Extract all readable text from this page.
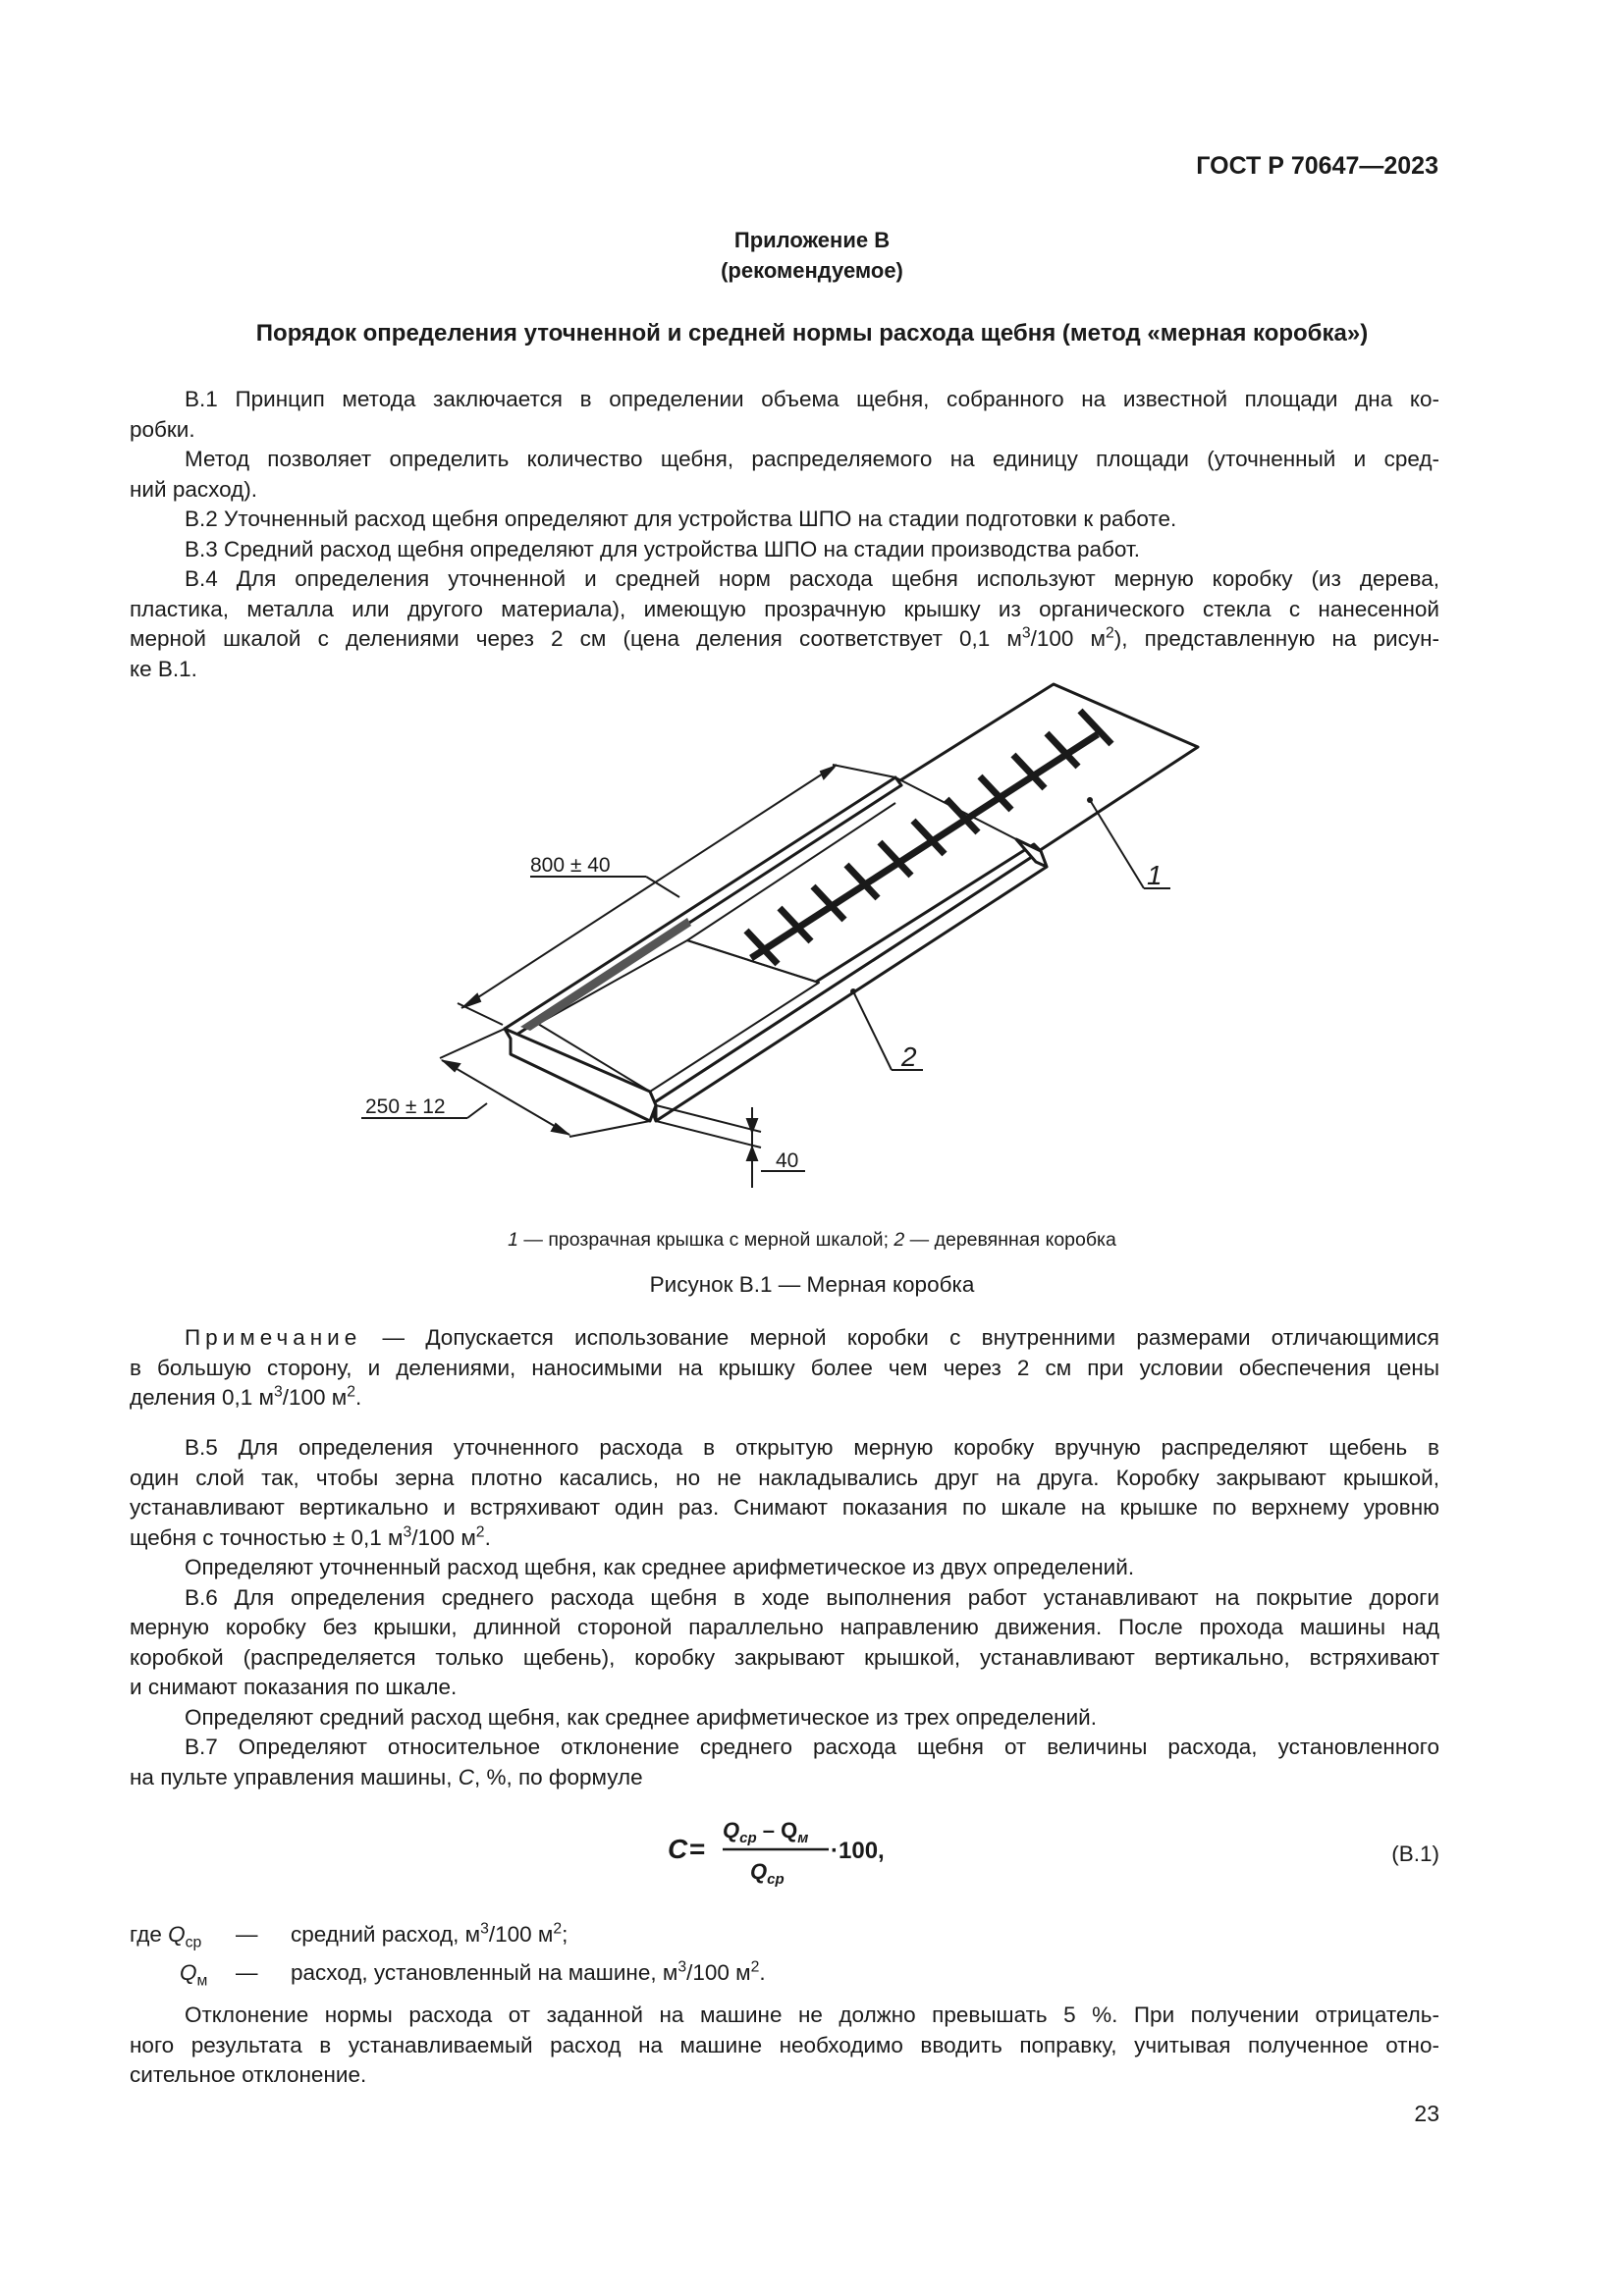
ГОСТ Р 70647—2023
Приложение В
(рекомендуемое)
Порядок определения уточненной и средней нормы расхода щебня (метод «мерная коробка»)
В.1 Принцип метода заключается в определении объема щебня, собранного на известной площади дна ко-
робки.
Метод позволяет определить количество щебня, распределяемого на единицу площади (уточненный и сред-
ний расход).
В.2 Уточненный расход щебня определяют для устройства ШПО на стадии подготовки к работе.
В.3 Средний расход щебня определяют для устройства ШПО на стадии производства работ.
В.4 Для определения уточненной и средней норм расхода щебня используют мерную коробку (из дерева,
пластика, металла или другого материала), имеющую прозрачную крышку из органического стекла с нанесенной
мерной шкалой с делениями через 2 см (цена деления соответствует 0,1 $м^3/100$ $м^2$), представленную на рисун-
ке В.1.
800 ± 40
250 ± 12
40
1
2
1 — прозрачная крышка с мерной шкалой; 2 — деревянная коробка
Рисунок В.1 — Мерная коробка
Примечание — Допускается использование мерной коробки с внутренними размерами отличающимися
в большую сторону, и делениями, наносимыми на крышку более чем через 2 см при условии обеспечения цены
деления 0,1 $м^3/100$ $м^2$.
В.5 Для определения уточненного расхода в открытую мерную коробку вручную распределяют щебень в
один слой так, чтобы зерна плотно касались, но не накладывались друг на друга. Коробку закрывают крышкой,
устанавливают вертикально и встряхивают один раз. Снимают показания по шкале на крышке по верхнему уровню
щебня с точностью ± 0,1 $м^3/100$ $м^2$.
Определяют уточненный расход щебня, как среднее арифметическое из двух определений.
В.6 Для определения среднего расхода щебня в ходе выполнения работ устанавливают на покрытие дороги
мерную коробку без крышки, длинной стороной параллельно направлению движения. После прохода машины над
коробкой (распределяется только щебень), коробку закрывают крышкой, устанавливают вертикально, встряхивают
и снимают показания по шкале.
Определяют средний расход щебня, как среднее арифметическое из трех определений.
В.7 Определяют относительное отклонение среднего расхода щебня от величины расхода, установленного
на пульте управления машины, С, %, по формуле
C =
$Q_{ср} - Q_м$
$Q_{ср}$
·100,	(В.1)
где $Q_{ср}$ — средний расход, $м^3/100$ $м^2$;
$Q_м$ — расход, установленный на машине, $м^3/100$ $м^2$.
Отклонение нормы расхода от заданной на машине не должно превышать 5 %. При получении отрицатель-
ного результата в устанавливаемый расход на машине необходимо вводить поправку, учитывая полученное отно-
сительное отклонение.
23
